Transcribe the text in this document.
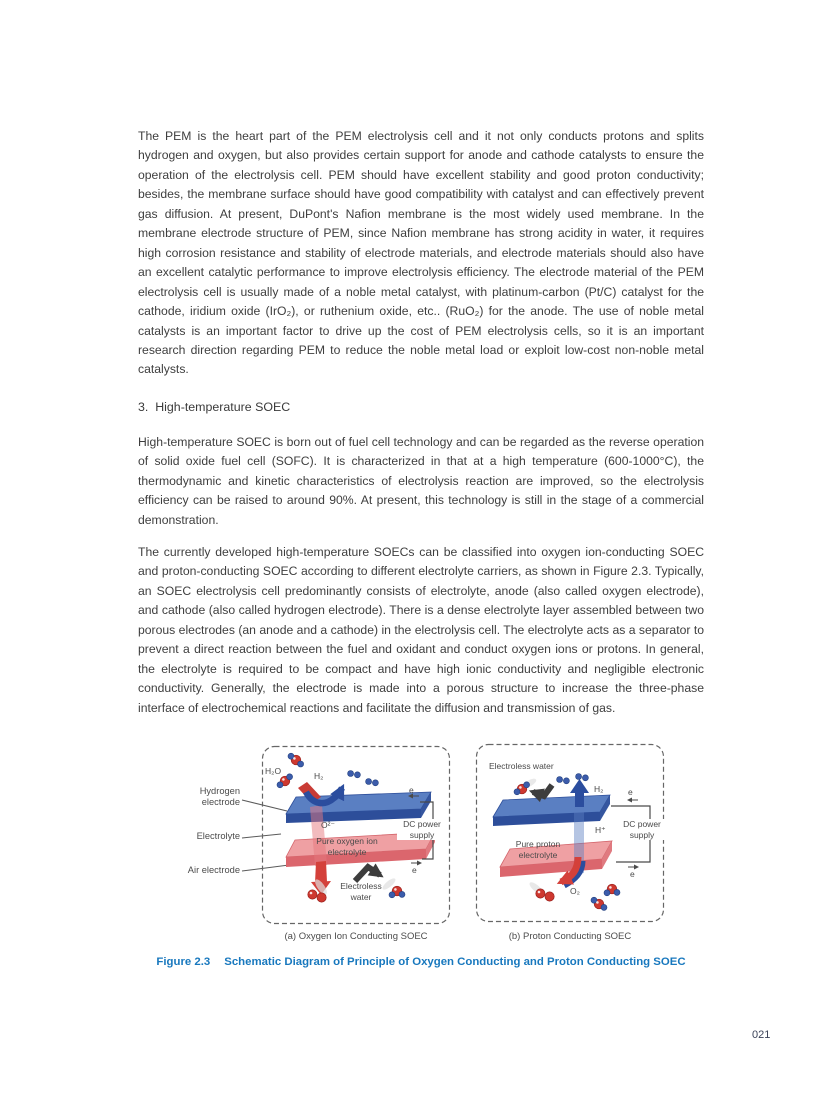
The PEM is the heart part of the PEM electrolysis cell and it not only conducts protons and splits hydrogen and oxygen, but also provides certain support for anode and cathode catalysts to ensure the operation of the electrolysis cell. PEM should have excellent stability and good proton conductivity; besides, the membrane surface should have good compatibility with catalyst and can effectively prevent gas diffusion. At present, DuPont's Nafion membrane is the most widely used membrane. In the membrane electrode structure of PEM, since Nafion membrane has strong acidity in water, it requires high corrosion resistance and stability of electrode materials, and electrode materials should also have an excellent catalytic performance to improve electrolysis efficiency. The electrode material of the PEM electrolysis cell is usually made of a noble metal catalyst, with platinum-carbon (Pt/C) catalyst for the cathode, iridium oxide (IrO₂), or ruthenium oxide, etc.. (RuO₂) for the anode. The use of noble metal catalysts is an important factor to drive up the cost of PEM electrolysis cells, so it is an important research direction regarding PEM to reduce the noble metal load or exploit low-cost non-noble metal catalysts.
3.  High-temperature SOEC
High-temperature SOEC is born out of fuel cell technology and can be regarded as the reverse operation of solid oxide fuel cell (SOFC). It is characterized in that at a high temperature (600-1000°C), the thermodynamic and kinetic characteristics of electrolysis reaction are improved, so the electrolysis efficiency can be raised to around 90%. At present, this technology is still in the stage of a commercial demonstration.
The currently developed high-temperature SOECs can be classified into oxygen ion-conducting SOEC and proton-conducting SOEC according to different electrolyte carriers, as shown in Figure 2.3. Typically, an SOEC electrolysis cell predominantly consists of electrolyte, anode (also called oxygen electrode), and cathode (also called hydrogen electrode). There is a dense electrolyte layer assembled between two porous electrodes (an anode and a cathode) in the electrolysis cell. The electrolyte acts as a separator to prevent a direct reaction between the fuel and oxidant and conduct oxygen ions or protons. In general, the electrolyte is required to be compact and have high ionic conductivity and negligible electronic conductivity. Generally, the electrode is made into a porous structure to increase the three-phase interface of electrochemical reactions and facilitate the diffusion and transmission of gas.
Hydrogen
electrode
Electrolyte
Air electrode
H₂O	H₂
O²⁻
Pure oxygen ion
electrolyte
DC power
supply
Electroless
water
e
e
Electroless water
H₂
H⁺
Pure proton
electrolyte
DC power
supply
O₂
e
e
(a) Oxygen Ion Conducting SOEC	(b) Proton Conducting SOEC
Figure 2.3 Schematic Diagram of Principle of Oxygen Conducting and Proton Conducting SOEC
021
